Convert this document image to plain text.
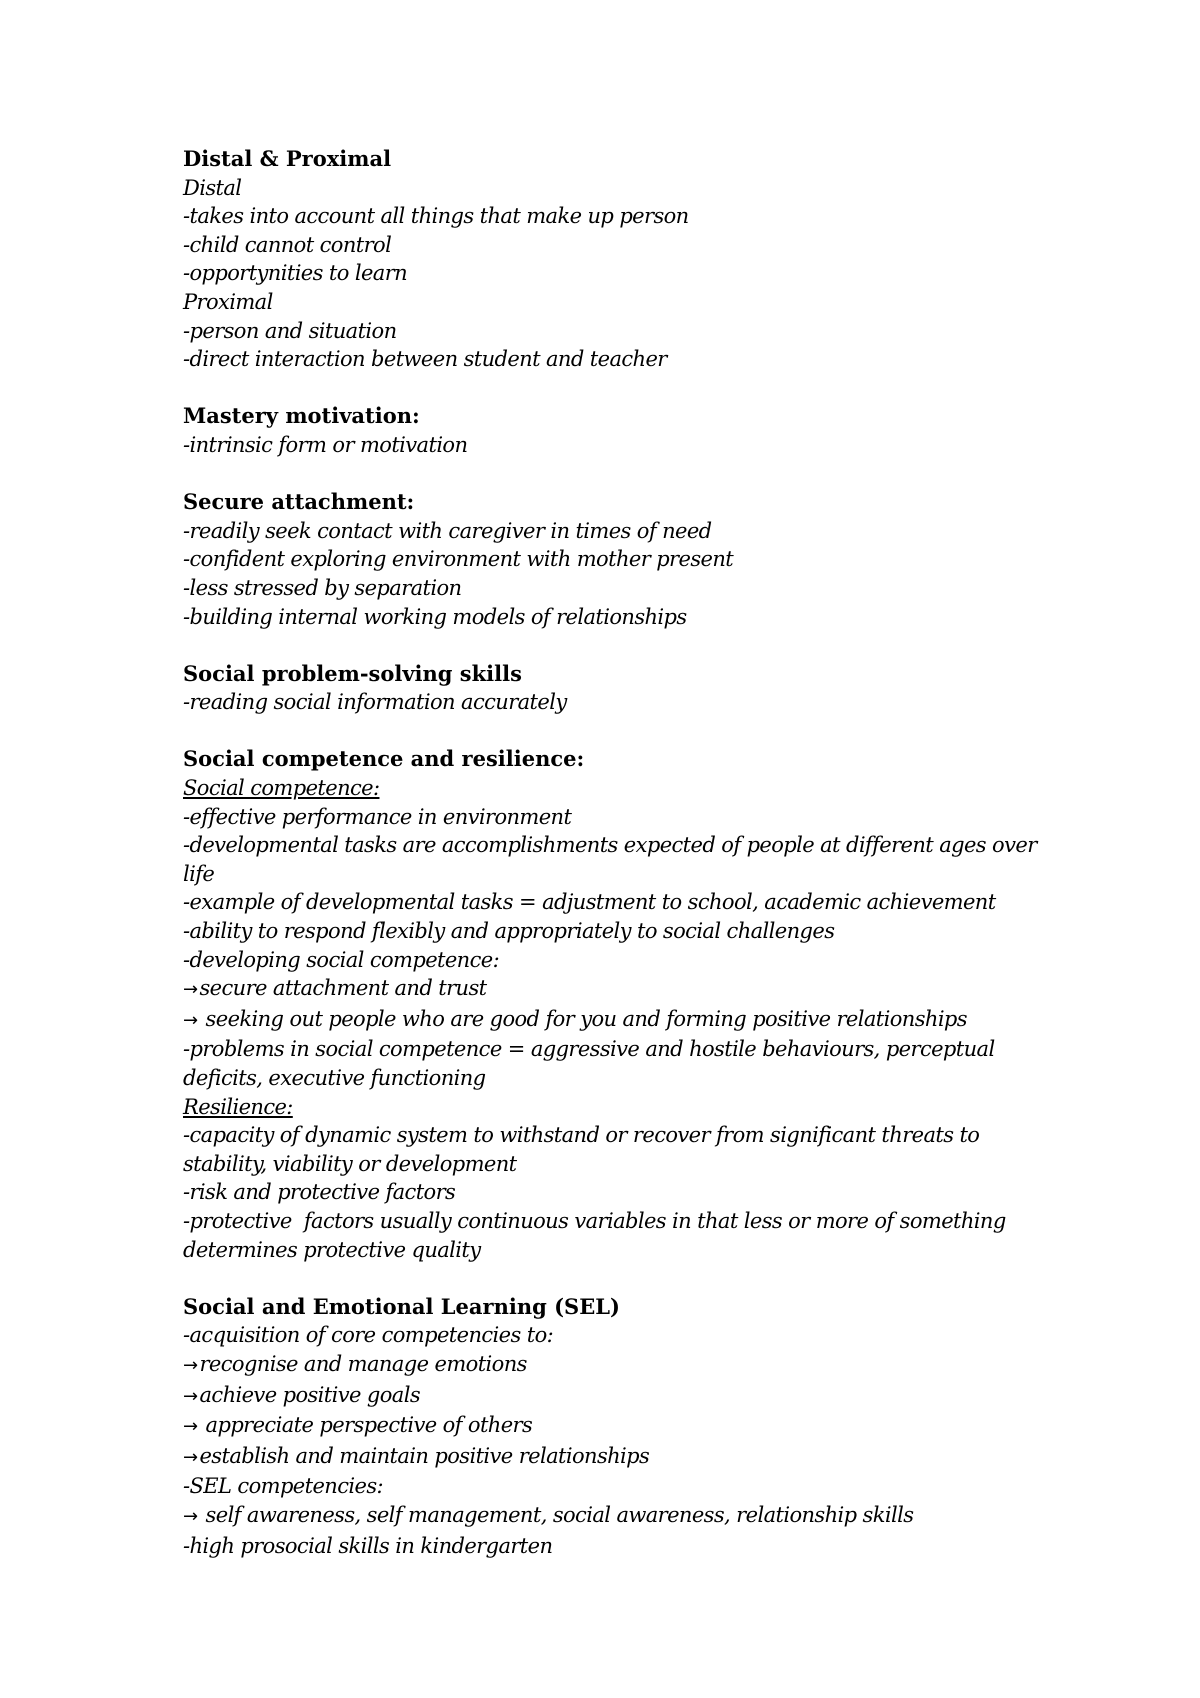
Distal & Proximal
Distal
-takes into account all things that make up person
-child cannot control
-opportynities to learn
Proximal
-person and situation
-direct interaction between student and teacher
Mastery motivation:
-intrinsic form or motivation
Secure attachment:
-readily seek contact with caregiver in times of need
-confident exploring environment with mother present
-less stressed by separation
-building internal working models of relationships
Social problem-solving skills
-reading social information accurately
Social competence and resilience:
Social competence:
-effective performance in environment
-developmental tasks are accomplishments expected of people at different ages over
life
-example of developmental tasks = adjustment to school, academic achievement
-ability to respond flexibly and appropriately to social challenges
-developing social competence:
→secure attachment and trust
→ seeking out people who are good for you and forming positive relationships
-problems in social competence = aggressive and hostile behaviours, perceptual
deficits, executive functioning
Resilience:
-capacity of dynamic system to withstand or recover from significant threats to
stability, viability or development
-risk and protective factors
-protective  factors usually continuous variables in that less or more of something
determines protective quality
Social and Emotional Learning (SEL)
-acquisition of core competencies to:
→recognise and manage emotions
→achieve positive goals
→ appreciate perspective of others
→establish and maintain positive relationships
-SEL competencies:
→ self awareness, self management, social awareness, relationship skills
-high prosocial skills in kindergarten
